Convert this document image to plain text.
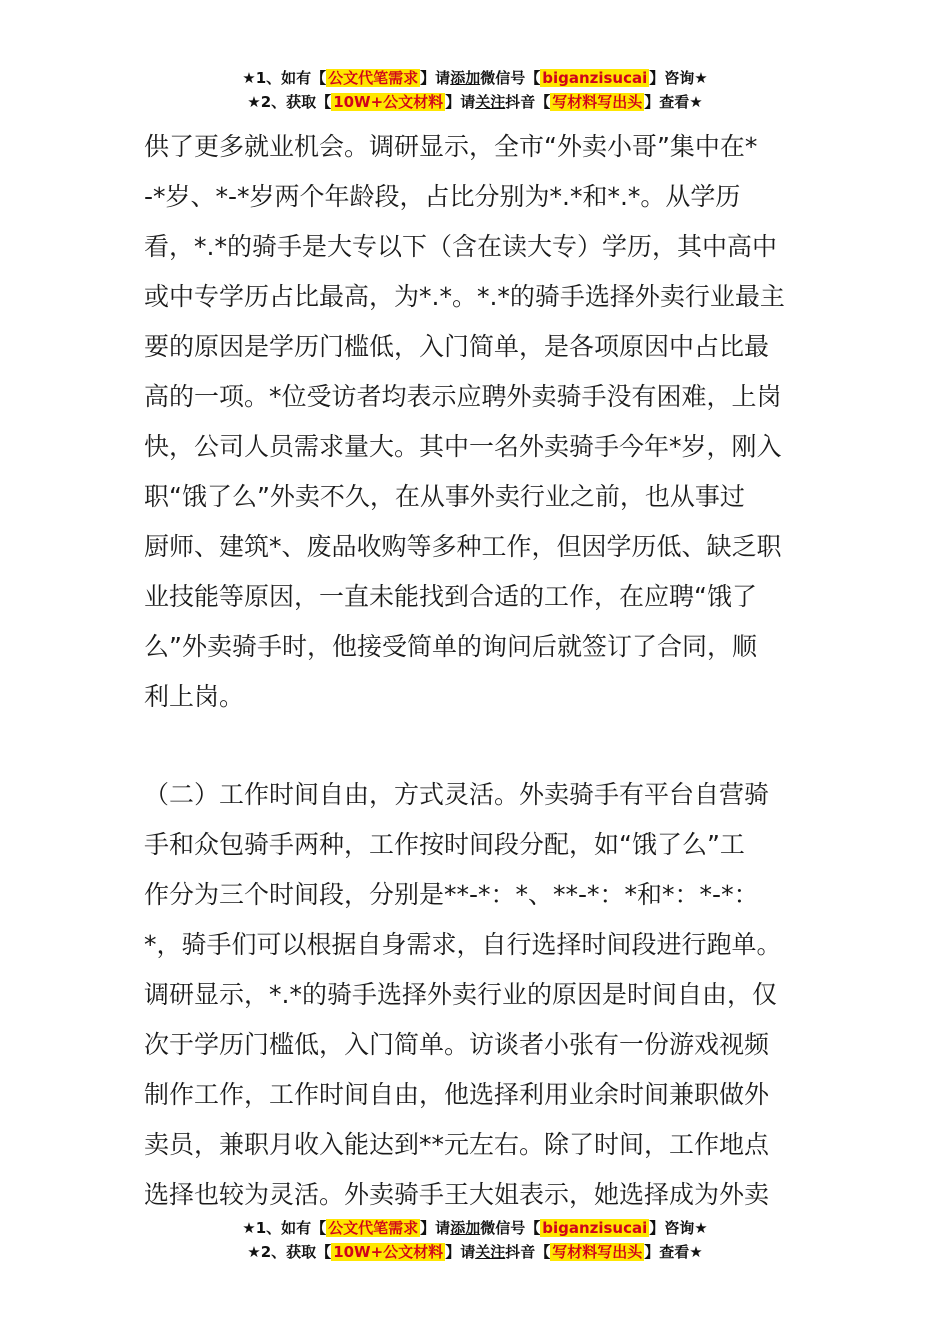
★1、如有【 公文代笔需求 】请添加微信号【 biganzisucai 】咨询★
★2、获取【 10W+公文材料 】请关注抖音【 写材料写出头 】查看★
供了更多就业机会。调研显示，全市“外卖小哥”集中在*
-*岁、*-*岁两个年龄段，占比分别为*.*和*.*。从学历
看，*.*的骑手是大专以下（含在读大专）学历，其中高中
或中专学历占比最高，为*.*。*.*的骑手选择外卖行业最主
要的原因是学历门槛低，入门简单，是各项原因中占比最
高的一项。*位受访者均表示应聘外卖骑手没有困难，上岗
快，公司人员需求量大。其中一名外卖骑手今年*岁，刚入
职“饿了么”外卖不久，在从事外卖行业之前，也从事过
厨师、建筑*、废品收购等多种工作，但因学历低、缺乏职
业技能等原因，一直未能找到合适的工作，在应聘“饿了
么”外卖骑手时，他接受简单的询问后就签订了合同，顺
利上岗。
（二）工作时间自由，方式灵活。外卖骑手有平台自营骑
手和众包骑手两种，工作按时间段分配，如“饿了么”工
作分为三个时间段，分别是**-*：*、**-*：*和*：*-*：
*，骑手们可以根据自身需求，自行选择时间段进行跑单。
调研显示，*.*的骑手选择外卖行业的原因是时间自由，仅
次于学历门槛低，入门简单。访谈者小张有一份游戏视频
制作工作，工作时间自由，他选择利用业余时间兼职做外
卖员，兼职月收入能达到**元左右。除了时间，工作地点
选择也较为灵活。外卖骑手王大姐表示，她选择成为外卖
★1、如有【 公文代笔需求 】请添加微信号【 biganzisucai 】咨询★
★2、获取【 10W+公文材料 】请关注抖音【 写材料写出头 】查看★
